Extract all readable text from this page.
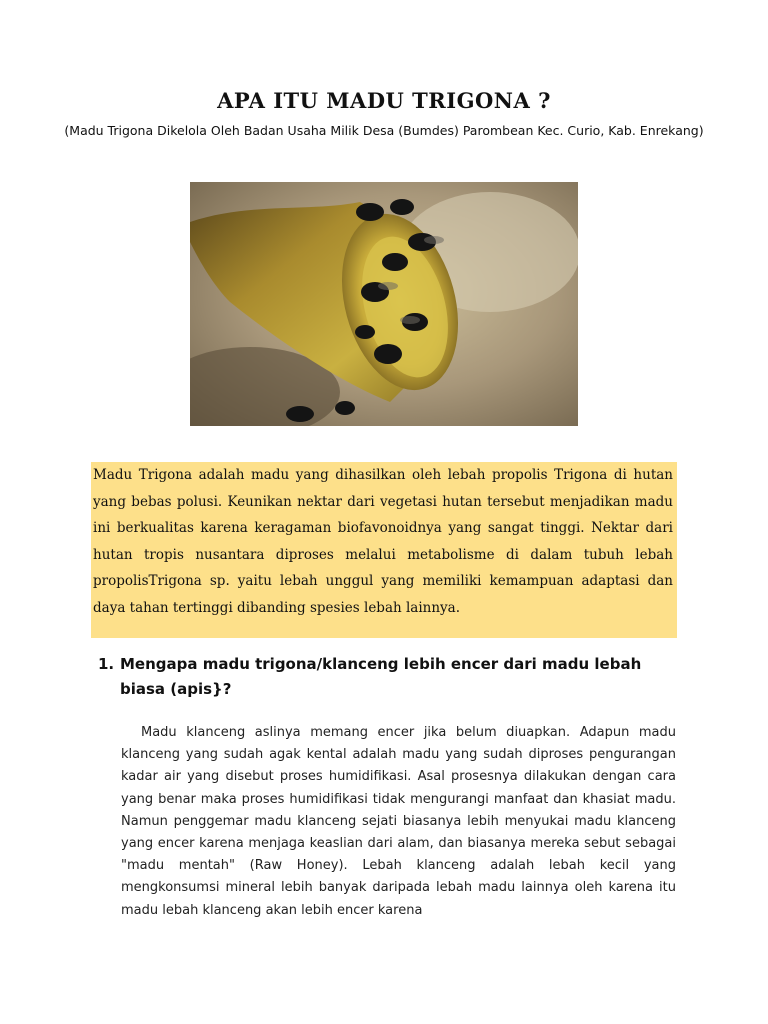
APA ITU MADU TRIGONA ?

(Madu Trigona Dikelola Oleh Badan Usaha Milik Desa (Bumdes) Parombean Kec. Curio, Kab. Enrekang)

Madu Trigona adalah madu yang dihasilkan oleh lebah propolis Trigona di hutan yang bebas polusi. Keunikan nektar dari vegetasi hutan tersebut menjadikan madu ini berkualitas karena keragaman biofavonoidnya yang sangat tinggi. Nektar dari hutan tropis nusantara diproses melalui metabolisme di dalam tubuh lebah propolisTrigona sp. yaitu lebah unggul yang memiliki kemampuan adaptasi dan daya tahan tertinggi dibanding spesies lebah lainnya.

1. Mengapa madu trigona/klanceng lebih encer dari madu lebah biasa (apis}?

Madu klanceng aslinya memang encer jika belum diuapkan. Adapun madu klanceng yang sudah agak kental adalah madu yang sudah diproses pengurangan kadar air yang disebut proses humidifikasi. Asal prosesnya dilakukan dengan cara yang benar maka proses humidifikasi tidak mengurangi manfaat dan khasiat madu. Namun penggemar madu klanceng sejati biasanya lebih menyukai madu klanceng yang encer karena menjaga keaslian dari alam, dan biasanya mereka sebut sebagai "madu mentah" (Raw Honey). Lebah klanceng adalah lebah kecil yang mengkonsumsi mineral lebih banyak daripada lebah madu lainnya oleh karena itu madu lebah klanceng akan lebih encer karena
